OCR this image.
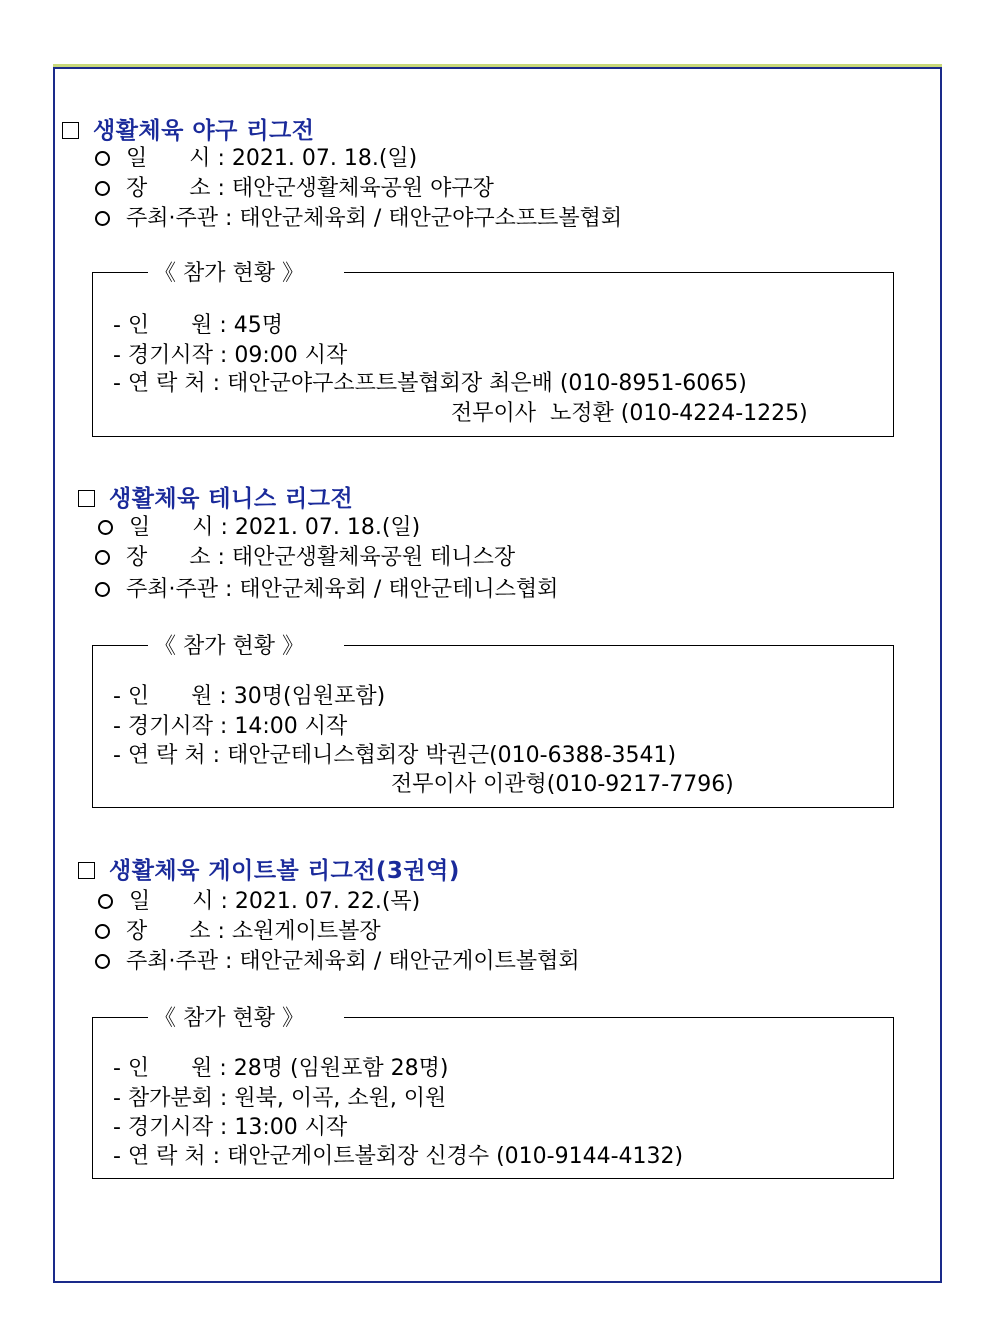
생활체육 야구 리그전
일      시 : 2021. 07. 18.(일)
장      소 : 태안군생활체육공원 야구장
주최·주관 : 태안군체육회 / 태안군야구소프트볼협회
《 참가 현황 》
- 인      원 : 45명
- 경기시작 : 09:00 시작
- 연 락 처 : 태안군야구소프트볼협회장 최은배 (010-8951-6065)
전무이사  노정환 (010-4224-1225)
생활체육 테니스 리그전
일      시 : 2021. 07. 18.(일)
장      소 : 태안군생활체육공원 테니스장
주최·주관 : 태안군체육회 / 태안군테니스협회
《 참가 현황 》
- 인      원 : 30명(임원포함)
- 경기시작 : 14:00 시작
- 연 락 처 : 태안군테니스협회장 박권근(010-6388-3541)
전무이사 이관형(010-9217-7796)
생활체육 게이트볼 리그전(3권역)
일      시 : 2021. 07. 22.(목)
장      소 : 소원게이트볼장
주최·주관 : 태안군체육회 / 태안군게이트볼협회
《 참가 현황 》
- 인      원 : 28명 (임원포함 28명)
- 참가분회 : 원북, 이곡, 소원, 이원
- 경기시작 : 13:00 시작
- 연 락 처 : 태안군게이트볼회장 신경수 (010-9144-4132)
